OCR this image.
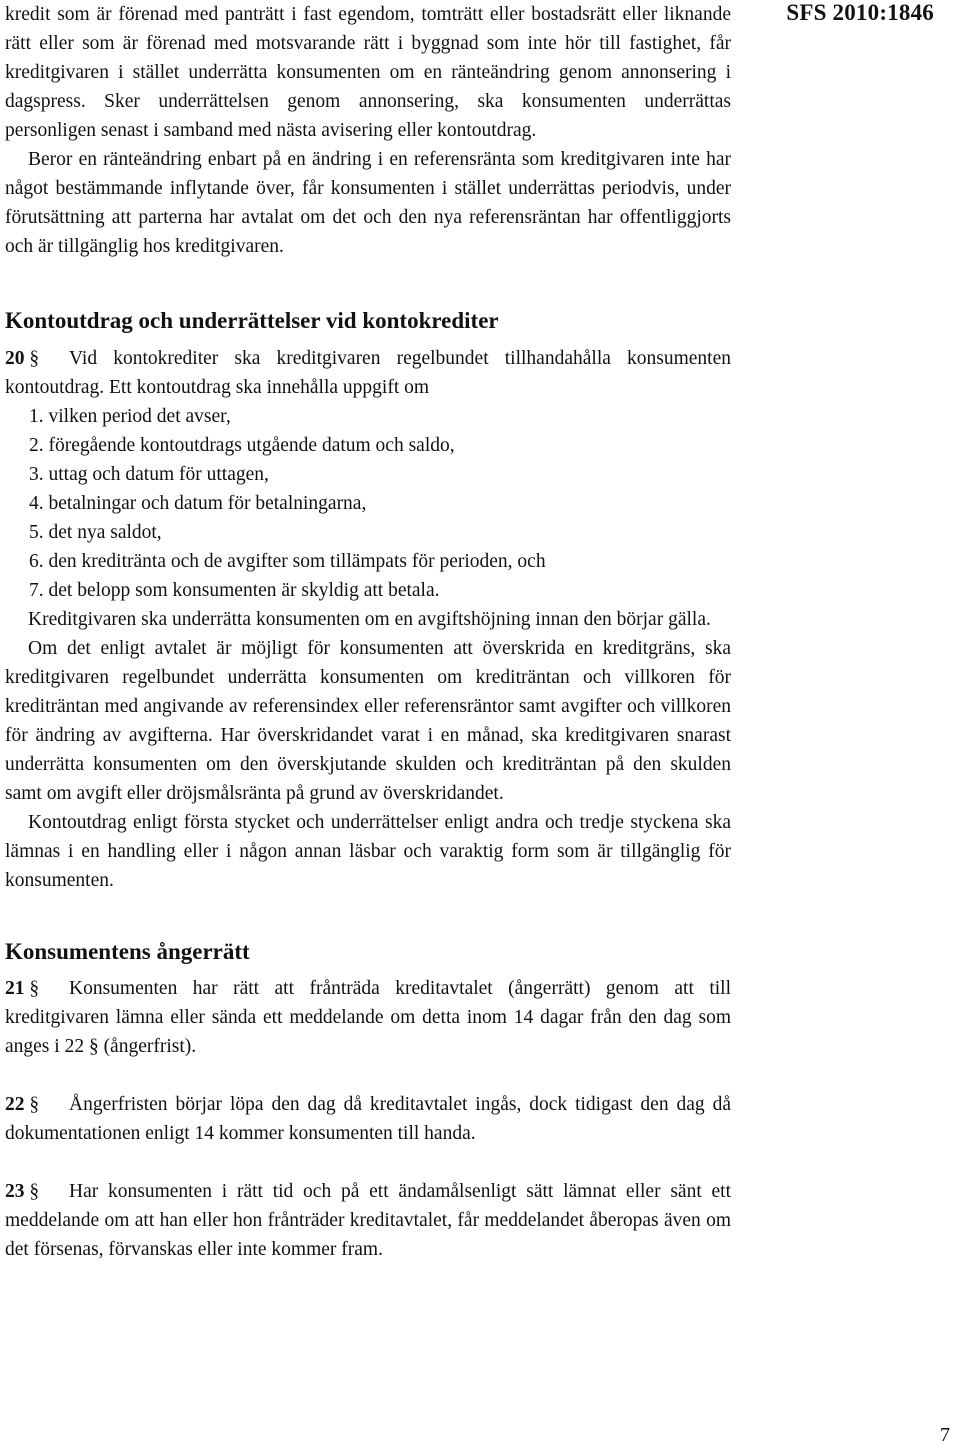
SFS 2010:1846

kredit som är förenad med panträtt i fast egendom, tomträtt eller bostadsrätt eller liknande rätt eller som är förenad med motsvarande rätt i byggnad som inte hör till fastighet, får kreditgivaren i stället underrätta konsumenten om en ränteändring genom annonsering i dagspress. Sker underrättelsen genom annonsering, ska konsumenten underrättas personligen senast i samband med nästa avisering eller kontoutdrag.

Beror en ränteändring enbart på en ändring i en referensränta som kreditgivaren inte har något bestämmande inflytande över, får konsumenten i stället underrättas periodvis, under förutsättning att parterna har avtalat om det och den nya referensräntan har offentliggjorts och är tillgänglig hos kreditgivaren.

Kontoutdrag och underrättelser vid kontokrediter

20 § Vid kontokrediter ska kreditgivaren regelbundet tillhandahålla konsumenten kontoutdrag. Ett kontoutdrag ska innehålla uppgift om

1. vilken period det avser,
2. föregående kontoutdrags utgående datum och saldo,
3. uttag och datum för uttagen,
4. betalningar och datum för betalningarna,
5. det nya saldot,
6. den kreditränta och de avgifter som tillämpats för perioden, och
7. det belopp som konsumenten är skyldig att betala.

Kreditgivaren ska underrätta konsumenten om en avgiftshöjning innan den börjar gälla.

Om det enligt avtalet är möjligt för konsumenten att överskrida en kreditgräns, ska kreditgivaren regelbundet underrätta konsumenten om krediträntan och villkoren för krediträntan med angivande av referensindex eller referensräntor samt avgifter och villkoren för ändring av avgifterna. Har överskridandet varat i en månad, ska kreditgivaren snarast underrätta konsumenten om den överskjutande skulden och krediträntan på den skulden samt om avgift eller dröjsmålsränta på grund av överskridandet.

Kontoutdrag enligt första stycket och underrättelser enligt andra och tredje styckena ska lämnas i en handling eller i någon annan läsbar och varaktig form som är tillgänglig för konsumenten.

Konsumentens ångerrätt

21 § Konsumenten har rätt att frånträda kreditavtalet (ångerrätt) genom att till kreditgivaren lämna eller sända ett meddelande om detta inom 14 dagar från den dag som anges i 22 § (ångerfrist).

22 § Ångerfristen börjar löpa den dag då kreditavtalet ingås, dock tidigast den dag då dokumentationen enligt 14 kommer konsumenten till handa.

23 § Har konsumenten i rätt tid och på ett ändamålsenligt sätt lämnat eller sänt ett meddelande om att han eller hon frånträder kreditavtalet, får meddelandet åberopas även om det försenas, förvanskas eller inte kommer fram.

7
